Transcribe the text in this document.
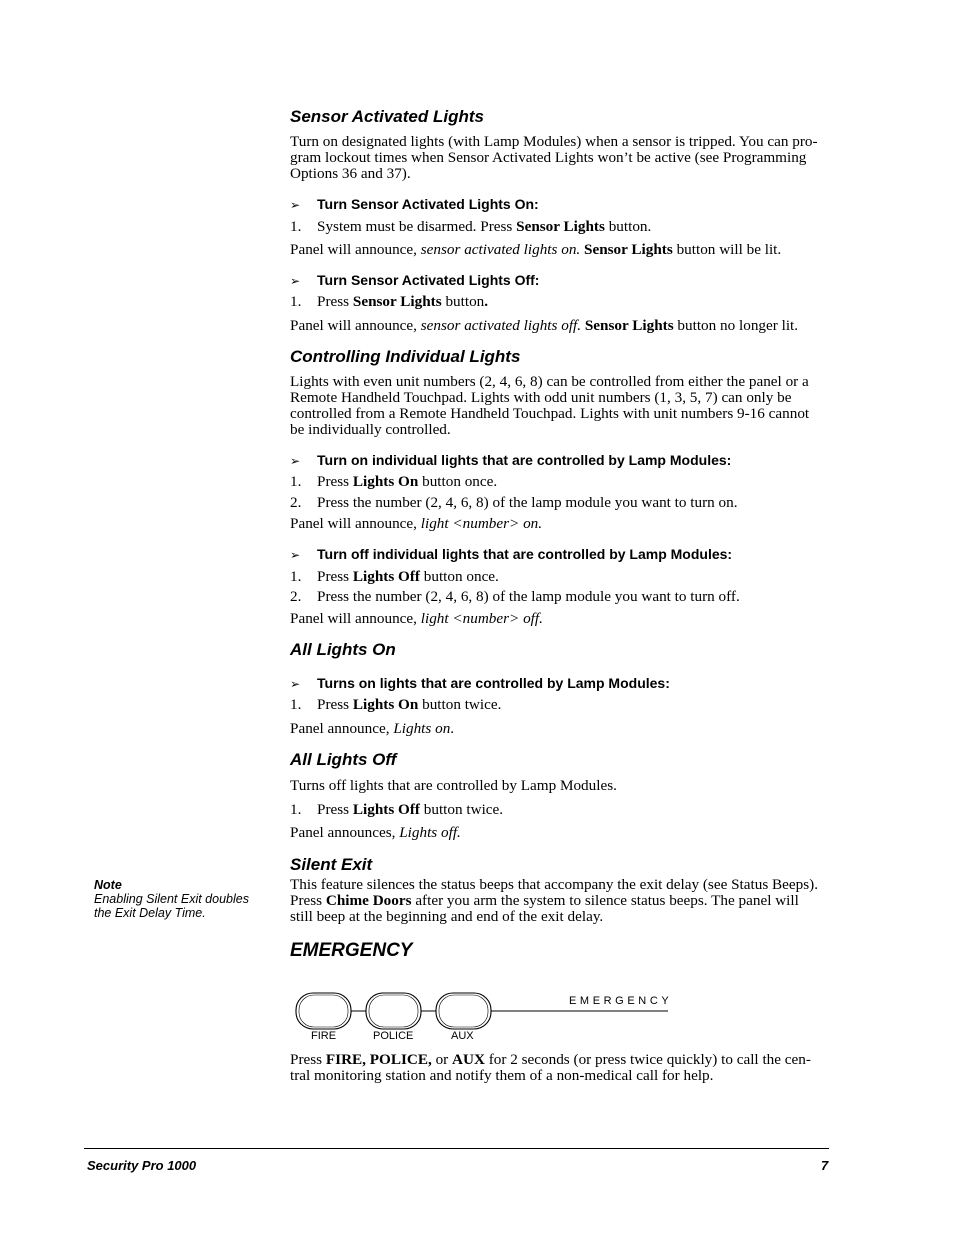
Sensor Activated Lights
Turn on designated lights (with Lamp Modules) when a sensor is tripped. You can pro-
gram lockout times when Sensor Activated Lights won’t be active (see Programming
Options 36 and 37).
➢ Turn Sensor Activated Lights On:
1. System must be disarmed. Press Sensor Lights button.
Panel will announce, sensor activated lights on. Sensor Lights button will be lit.
➢ Turn Sensor Activated Lights Off:
1. Press Sensor Lights button.
Panel will announce, sensor activated lights off. Sensor Lights button no longer lit.
Controlling Individual Lights
Lights with even unit numbers (2, 4, 6, 8) can be controlled from either the panel or a
Remote Handheld Touchpad. Lights with odd unit numbers (1, 3, 5, 7) can only be
controlled from a Remote Handheld Touchpad. Lights with unit numbers 9-16 cannot
be individually controlled.
➢ Turn on individual lights that are controlled by Lamp Modules:
1. Press Lights On button once.
2. Press the number (2, 4, 6, 8) of the lamp module you want to turn on.
Panel will announce, light <number> on.
➢ Turn off individual lights that are controlled by Lamp Modules:
1. Press Lights Off button once.
2. Press the number (2, 4, 6, 8) of the lamp module you want to turn off.
Panel will announce, light <number> off.
All Lights On
➢ Turns on lights that are controlled by Lamp Modules:
1. Press Lights On button twice.
Panel announce, Lights on.
All Lights Off
Turns off lights that are controlled by Lamp Modules.
1. Press Lights Off button twice.
Panel announces, Lights off.
Silent Exit
This feature silences the status beeps that accompany the exit delay (see Status Beeps).
Press Chime Doors after you arm the system to silence status beeps. The panel will
still beep at the beginning and end of the exit delay.
Note
Enabling Silent Exit doubles
the Exit Delay Time.
EMERGENCY
EMERGENCY
FIRE	POLICE	AUX
Press FIRE, POLICE, or AUX for 2 seconds (or press twice quickly) to call the cen-
tral monitoring station and notify them of a non-medical call for help.
Security Pro 1000	7
